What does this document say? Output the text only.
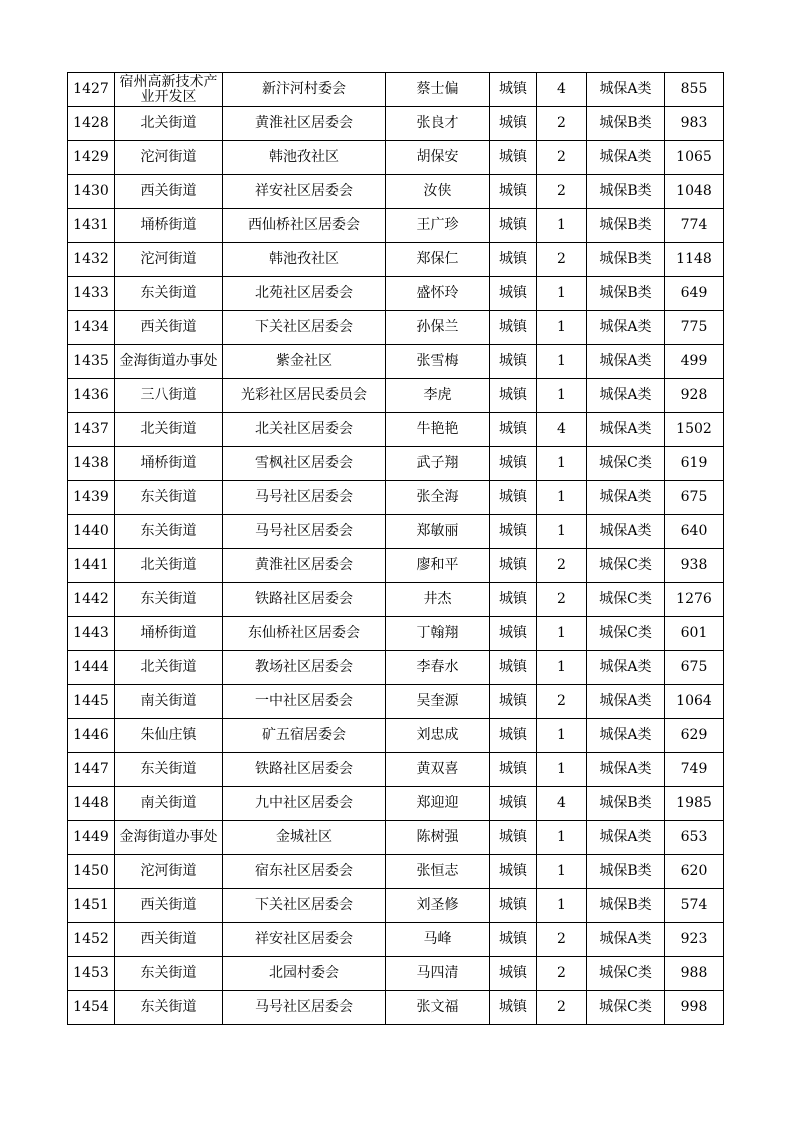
1427	宿州高新技术产业开发区	新汴河村委会	蔡士偏	城镇	4	城保A类	855
1428	北关街道	黄淮社区居委会	张良才	城镇	2	城保B类	983
1429	沱河街道	韩池孜社区	胡保安	城镇	2	城保A类	1065
1430	西关街道	祥安社区居委会	汝侠	城镇	2	城保B类	1048
1431	埇桥街道	西仙桥社区居委会	王广珍	城镇	1	城保B类	774
1432	沱河街道	韩池孜社区	郑保仁	城镇	2	城保B类	1148
1433	东关街道	北苑社区居委会	盛怀玲	城镇	1	城保B类	649
1434	西关街道	下关社区居委会	孙保兰	城镇	1	城保A类	775
1435	金海街道办事处	紫金社区	张雪梅	城镇	1	城保A类	499
1436	三八街道	光彩社区居民委员会	李虎	城镇	1	城保A类	928
1437	北关街道	北关社区居委会	牛艳艳	城镇	4	城保A类	1502
1438	埇桥街道	雪枫社区居委会	武子翔	城镇	1	城保C类	619
1439	东关街道	马号社区居委会	张全海	城镇	1	城保A类	675
1440	东关街道	马号社区居委会	郑敏丽	城镇	1	城保A类	640
1441	北关街道	黄淮社区居委会	廖和平	城镇	2	城保C类	938
1442	东关街道	铁路社区居委会	井杰	城镇	2	城保C类	1276
1443	埇桥街道	东仙桥社区居委会	丁翰翔	城镇	1	城保C类	601
1444	北关街道	教场社区居委会	李春水	城镇	1	城保A类	675
1445	南关街道	一中社区居委会	吴奎源	城镇	2	城保A类	1064
1446	朱仙庄镇	矿五宿居委会	刘忠成	城镇	1	城保A类	629
1447	东关街道	铁路社区居委会	黄双喜	城镇	1	城保A类	749
1448	南关街道	九中社区居委会	郑迎迎	城镇	4	城保B类	1985
1449	金海街道办事处	金城社区	陈树强	城镇	1	城保A类	653
1450	沱河街道	宿东社区居委会	张恒志	城镇	1	城保B类	620
1451	西关街道	下关社区居委会	刘圣修	城镇	1	城保B类	574
1452	西关街道	祥安社区居委会	马峰	城镇	2	城保A类	923
1453	东关街道	北园村委会	马四清	城镇	2	城保C类	988
1454	东关街道	马号社区居委会	张文福	城镇	2	城保C类	998
